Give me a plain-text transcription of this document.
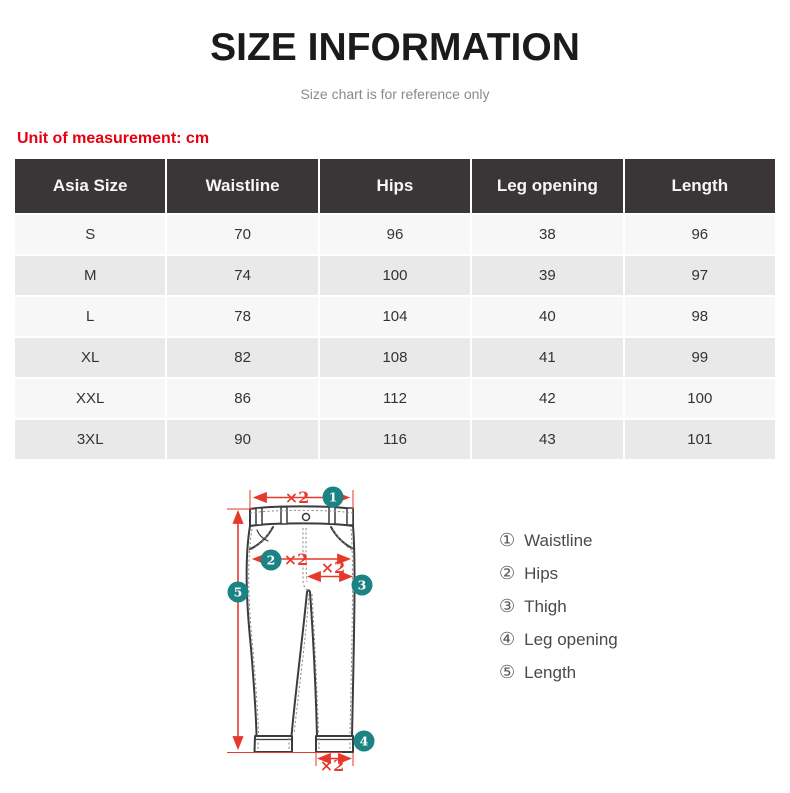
SIZE INFORMATION
Size chart is for reference only
Unit of measurement: cm
Asia Size	Waistline	Hips	Leg opening	Length
S	70	96	38	96
M	74	100	39	97
L	78	104	40	98
XL	82	108	41	99
XXL	86	112	42	100
3XL	90	116	43	101
×2
×2 ×2
×2
1
2
3
4
5
① Waistline
② Hips
③ Thigh
④ Leg opening
⑤ Length
